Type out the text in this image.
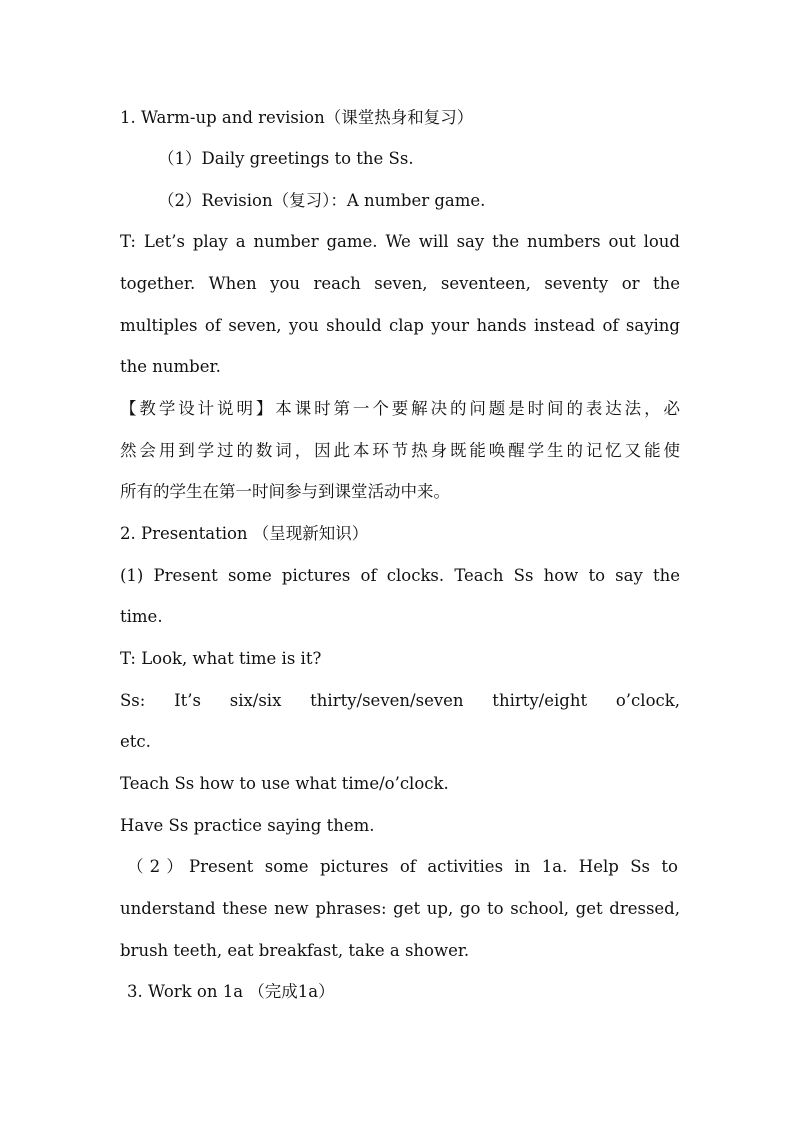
1. Warm-up and revision（课堂热身和复习）
（1）Daily greetings to the Ss.
（2）Revision（复习）：A number game.
T: Let’s play a number game. We will say the numbers out loud
together. When you reach seven, seventeen, seventy or the
multiples of seven, you should clap your hands instead of saying
the number.
【教学设计说明】本课时第一个要解决的问题是时间的表达法，必
然会用到学过的数词，因此本环节热身既能唤醒学生的记忆又能使
所有的学生在第一时间参与到课堂活动中来。
2. Presentation （呈现新知识）
(1) Present some pictures of clocks. Teach Ss how to say the
time.
T: Look, what time is it?
Ss: It’s six/six thirty/seven/seven thirty/eight o’clock,
etc.
Teach Ss how to use what time/o’clock.
Have Ss practice saying them.
（2）Present some pictures of activities in 1a. Help Ss to
understand these new phrases: get up, go to school, get dressed,
brush teeth, eat breakfast, take a shower.
3. Work on 1a （完成1a）
